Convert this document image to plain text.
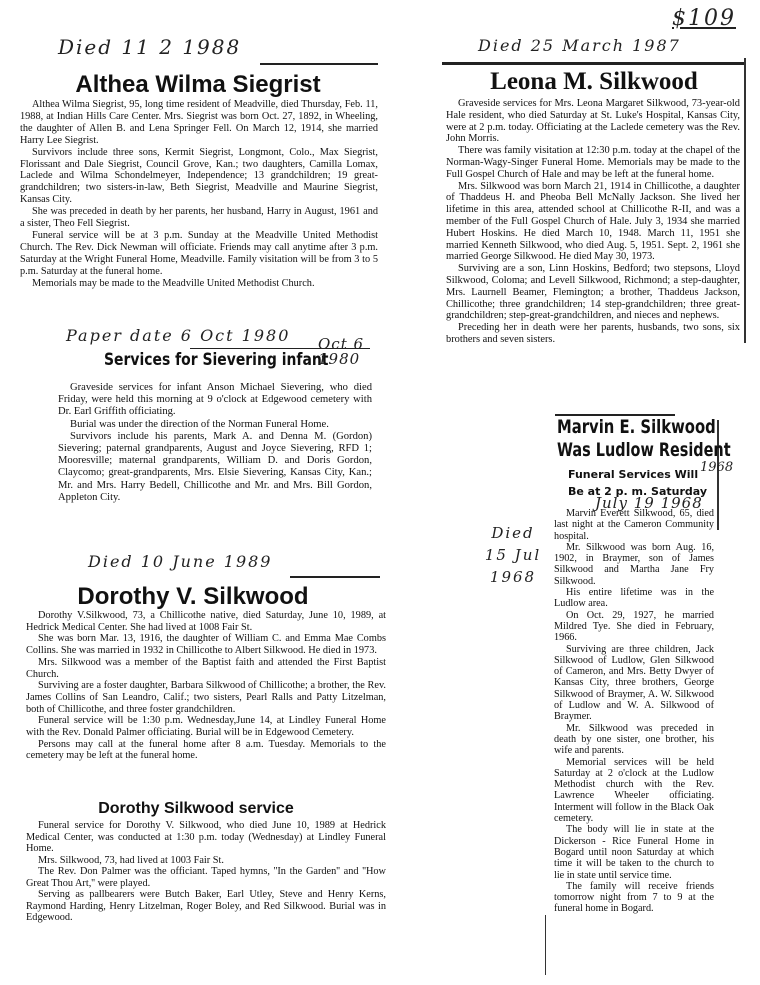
$109
Died 11 2 1988
Althea Wilma Siegrist

Althea Wilma Siegrist, 95, long time resident of Meadville, died Thursday, Feb. 11, 1988, at Indian Hills Care Center. Mrs. Siegrist was born Oct. 27, 1892, in Wheeling, the daughter of Allen B. and Lena Springer Fell. On March 12, 1914, she married Harry Lee Siegrist.

Survivors include three sons, Kermit Siegrist, Longmont, Colo., Max Siegrist, Florissant and Dale Siegrist, Council Grove, Kan.; two daughters, Camilla Lomax, Laclede and Wilma Schondelmeyer, Independence; 13 grandchildren; 19 great-grandchildren; two sisters-in-law, Beth Siegrist, Meadville and Maurine Siegrist, Kansas City.

She was preceded in death by her parents, her husband, Harry in August, 1961 and a sister, Theo Fell Siegrist.

Funeral service will be at 3 p.m. Sunday at the Meadville United Methodist Church. The Rev. Dick Newman will officiate. Friends may call anytime after 3 p.m. Saturday at the Wright Funeral Home, Meadville. Family visitation will be from 3 to 5 p.m. Saturday at the funeral home.

Memorials may be made to the Meadville United Methodist Church.

Paper date 6 Oct 1980
Services for Sievering infant
Oct 6 1980

Graveside services for infant Anson Michael Sievering, who died Friday, were held this morning at 9 o'clock at Edgewood cemetery with Dr. Earl Griffith officiating.

Burial was under the direction of the Norman Funeral Home.

Survivors include his parents, Mark A. and Denna M. (Gordon) Sievering; paternal grandparents, August and Joyce Sievering, RFD 1; Mooresville; maternal grandparents, William D. and Doris Gordon, Claycomo; great-grandparents, Mrs. Elsie Sievering, Kansas City, Kan.; Mr. and Mrs. Harry Bedell, Chillicothe and Mr. and Mrs. Bill Gordon, Appleton City.

Died 10 June 1989
Dorothy V. Silkwood

Dorothy V.Silkwood, 73, a Chillicothe native, died Saturday, June 10, 1989, at Hedrick Medical Center. She had lived at 1008 Fair St.

She was born Mar. 13, 1916, the daughter of William C. and Emma Mae Combs Collins. She was married in 1932 in Chillicothe to Albert Silkwood. He died in 1973.

Mrs. Silkwood was a member of the Baptist faith and attended the First Baptist Church.

Surviving are a foster daughter, Barbara Silkwood of Chillicothe; a brother, the Rev. James Collins of San Leandro, Calif.; two sisters, Pearl Ralls and Patty Litzelman, both of Chillicothe, and three foster grandchildren.

Funeral service will be 1:30 p.m. Wednesday,June 14, at Lindley Funeral Home with the Rev. Donald Palmer officiating. Burial will be in Edgewood Cemetery.

Persons may call at the funeral home after 8 a.m. Tuesday. Memorials to the cemetery may be left at the funeral home.

Dorothy Silkwood service

Funeral service for Dorothy V. Silkwood, who died June 10, 1989 at Hedrick Medical Center, was conducted at 1:30 p.m. today (Wednesday) at Lindley Funeral Home.

Mrs. Silkwood, 73, had lived at 1003 Fair St.

The Rev. Don Palmer was the officiant. Taped hymns, ''In the Garden'' and ''How Great Thou Art,'' were played.

Serving as pallbearers were Butch Baker, Earl Utley, Steve and Henry Kerns, Raymond Harding, Henry Litzelman, Roger Boley, and Red Silkwood. Burial was in Edgewood.

Died 25 March 1987
Leona M. Silkwood

Graveside services for Mrs. Leona Margaret Silkwood, 73-year-old Hale resident, who died Saturday at St. Luke's Hospital, Kansas City, were at 2 p.m. today. Officiating at the Laclede cemetery was the Rev. John Morris.

There was family visitation at 12:30 p.m. today at the chapel of the Norman-Wagy-Singer Funeral Home. Memorials may be made to the Full Gospel Church of Hale and may be left at the funeral home.

Mrs. Silkwood was born March 21, 1914 in Chillicothe, a daughter of Thaddeus H. and Pheoba Bell McNally Jackson. She lived her lifetime in this area, attended school at Chillicothe R-II, and was a member of the Full Gospel Church of Hale. July 3, 1934 she married Hubert Hoskins. He died March 10, 1948. March 11, 1951 she married Kenneth Silkwood, who died Aug. 5, 1951. Sept. 2, 1961 she married George Silkwood. He died May 30, 1973.

Surviving are a son, Linn Hoskins, Bedford; two stepsons, Lloyd Silkwood, Coloma; and Levell Silkwood, Richmond; a step-daughter, Mrs. Laurnell Beamer, Flemington; a brother, Thaddeus Jackson, Chillicothe; three grandchildren; 14 step-grandchildren; three great-grandchildren; step-great-grandchildren, and nieces and nephews.

Preceding her in death were her parents, husbands, two sons, six brothers and seven sisters.

Marvin E. Silkwood
Was Ludlow Resident
Funeral Services Will 1968
Be at 2 p. m. Saturday
July 19 1968
Died
15 Jul
1968

Marvin Everett Silkwood, 65, died last night at the Cameron Community hospital.

Mr. Silkwood was born Aug. 16, 1902, in Braymer, son of James Silkwood and Martha Jane Fry Silkwood.

His entire lifetime was in the Ludlow area.

On Oct. 29, 1927, he married Mildred Tye. She died in February, 1966.

Surviving are three children, Jack Silkwood of Ludlow, Glen Silkwood of Cameron, and Mrs. Betty Dwyer of Kansas City, three brothers, George Silkwood of Braymer, A. W. Silkwood of Ludlow and W. A. Silkwood of Braymer.

Mr. Silkwood was preceded in death by one sister, one brother, his wife and parents.

Memorial services will be held Saturday at 2 o'clock at the Ludlow Methodist church with the Rev. Lawrence Wheeler officiating. Interment will follow in the Black Oak cemetery.

The body will lie in state at the Dickerson - Rice Funeral Home in Bogard until noon Saturday at which time it will be taken to the church to lie in state until service time.

The family will receive friends tomorrow night from 7 to 9 at the funeral home in Bogard.
